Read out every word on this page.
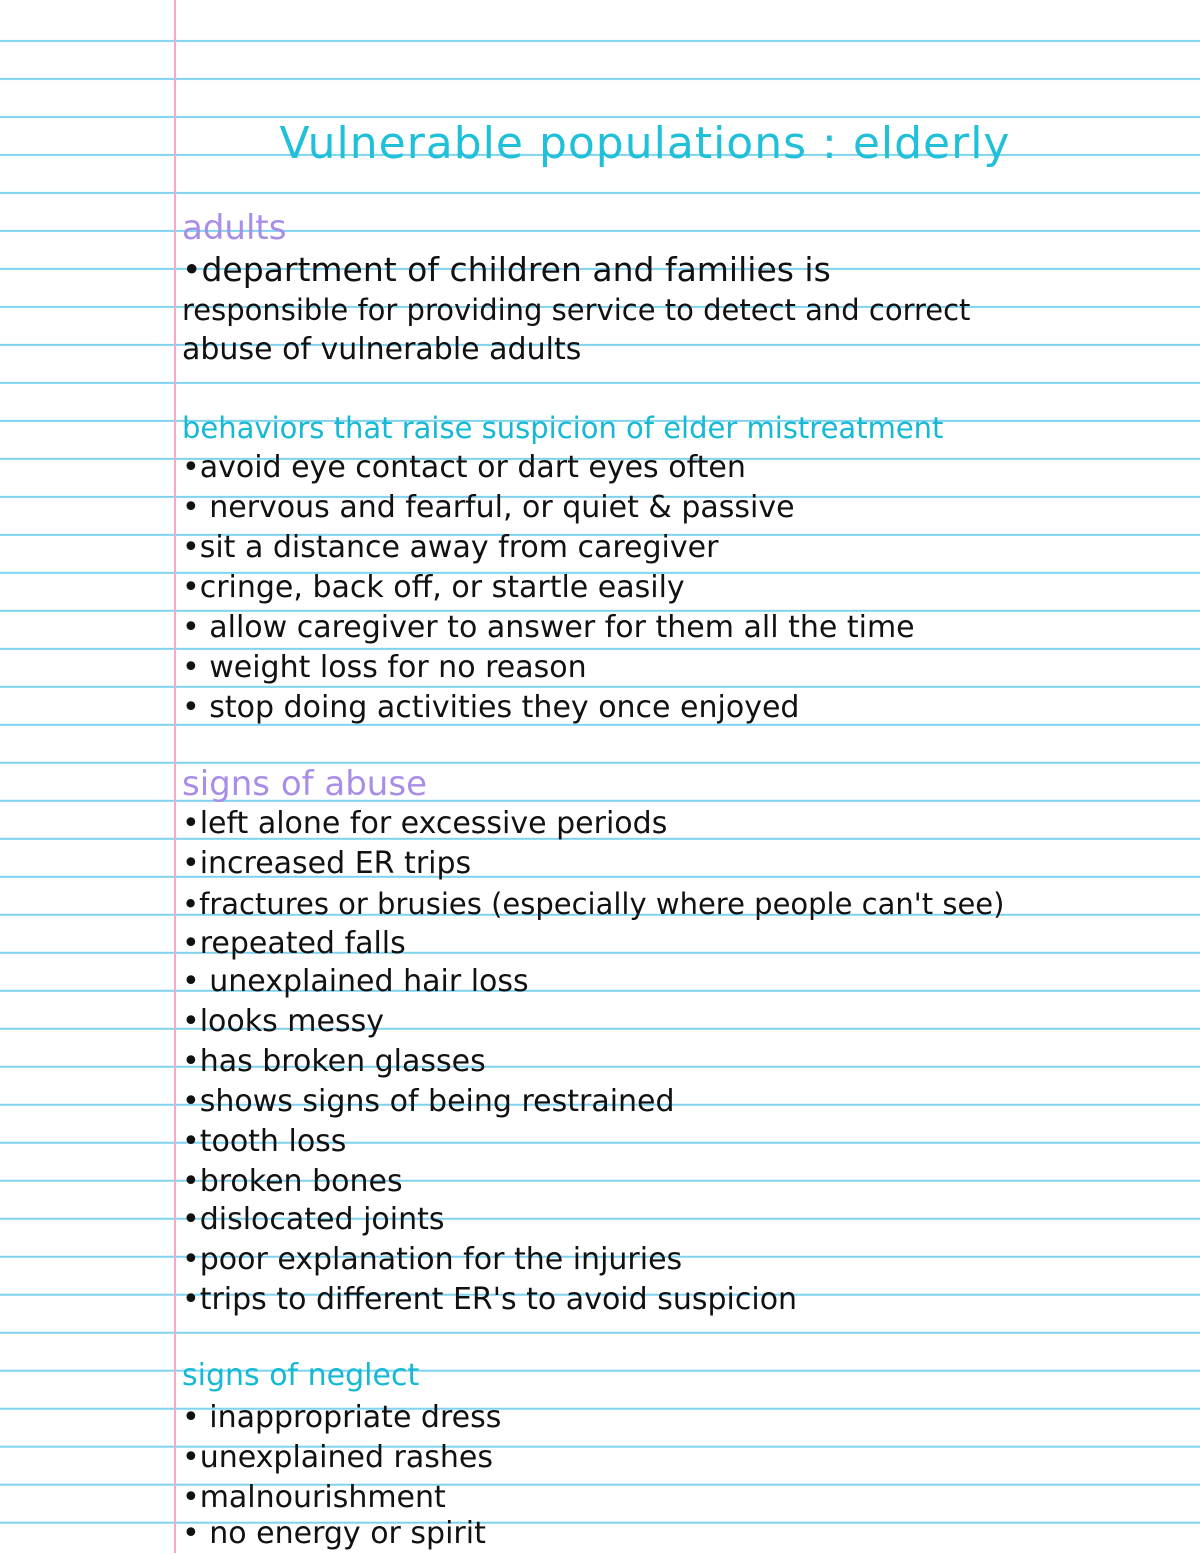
Vulnerable populations : elderly
adults
•department of children and families is
responsible for providing service to detect and correct
abuse of vulnerable adults
behaviors that raise suspicion of elder mistreatment
•avoid eye contact or dart eyes often
• nervous and fearful, or quiet & passive
•sit a distance away from caregiver
•cringe, back off, or startle easily
• allow caregiver to answer for them all the time
• weight loss for no reason
• stop doing activities they once enjoyed
signs of abuse
•left alone for excessive periods
•increased ER trips
•fractures or brusies (especially where people can't see)
•repeated falls
• unexplained hair loss
•looks messy
•has broken glasses
•shows signs of being restrained
•tooth loss
•broken bones
•dislocated joints
•poor explanation for the injuries
•trips to different ER's to avoid suspicion
signs of neglect
• inappropriate dress
•unexplained rashes
•malnourishment
• no energy or spirit
